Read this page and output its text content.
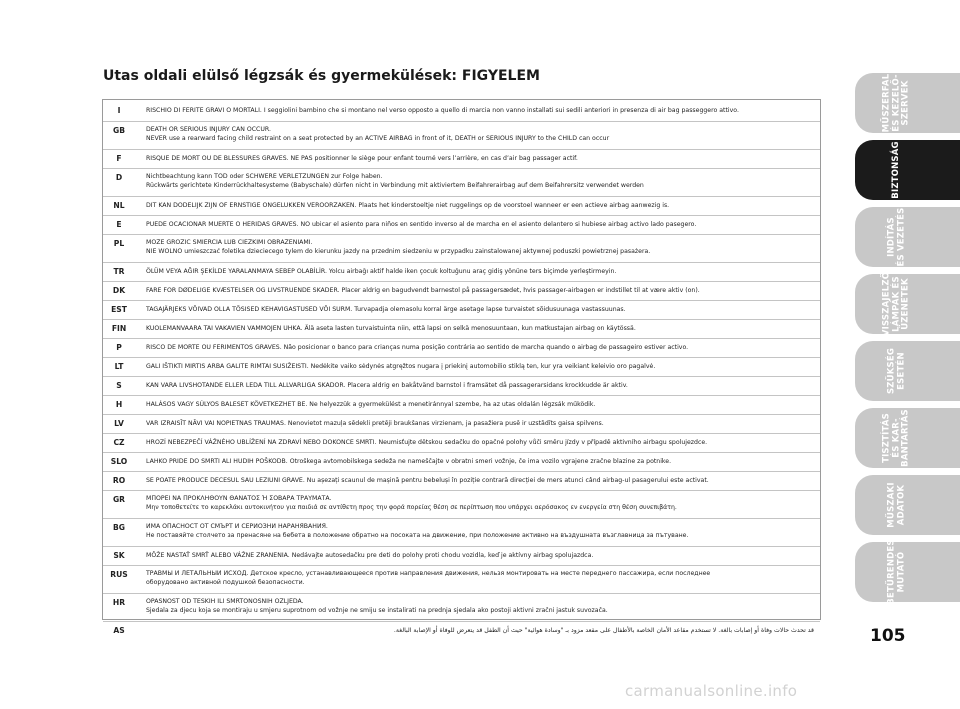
Utas oldali elülső légzsák és gyermekülések: FIGYELEM
I	RISCHIO DI FERITE GRAVI O MORTALI. I seggiolini bambino che si montano nel verso opposto a quello di marcia non vanno installati sui sedili anteriori in presenza di air bag passeggero attivo.
GB	DEATH OR SERIOUS INJURY CAN OCCUR.
NEVER use a rearward facing child restraint on a seat protected by an ACTIVE AIRBAG in front of it, DEATH or SERIOUS INJURY to the CHILD can occur
F	RISQUE DE MORT OU DE BLESSURES GRAVES. NE PAS positionner le siège pour enfant tourné vers l’arrière, en cas d’air bag passager actif.
D	Nichtbeachtung kann TOD oder SCHWERE VERLETZUNGEN zur Folge haben.
Rückwärts gerichtete Kinderrückhaltesysteme (Babyschale) dürfen nicht in Verbindung mit aktiviertem Beifahrerairbag auf dem Beifahrersitz verwendet werden
NL	DIT KAN DODELIJK ZIJN OF ERNSTIGE ONGELUKKEN VEROORZAKEN. Plaats het kinderstoeltje niet ruggelings op de voorstoel wanneer er een actieve airbag aanwezig is.
E	PUEDE OCACIONAR MUERTE O HERIDAS GRAVES. NO ubicar el asiento para niños en sentido inverso al de marcha en el asiento delantero si hubiese airbag activo lado pasegero.
PL	MOŻE GROZIĆ ŚMIERCIA LUB CIEŻKIMI OBRAŻENIAMI.
NIE WOLNO umieszczać foletika dzieciecego tylem do kierunku jazdy na przednim siedzeniu w przypadku zainstalowanej aktywnej poduszki powietrznej pasażera.
TR	ÖLÜM VEYA AĞIR ŞEKİLDE YARALANMAYA SEBEP OLABİLİR. Yolcu airbağı aktif halde iken çocuk koltuğunu araç gidiş yönüne ters biçimde yerleştirmeyin.
DK	FARE FOR DØDELIGE KVÆSTELSER OG LIVSTRUENDE SKADER. Placer aldrig en bagudvendt barnestol på passagersædet, hvis passager-airbagen er indstillet til at være aktiv (on).
EST	TAGAJÄRJEKS VÕIVAD OLLA TÕSISED KEHAVIGASTUSED VÕI SURM. Turvapadja olemasolu korral ärge asetage lapse turvaistet sõidusuunaga vastassuunas.
FIN	KUOLEMANVAARA TAI VAKAVIEN VAMMOJEN UHKA. Älä aseta lasten turvaistuinta niin, että lapsi on selkä menosuuntaan, kun matkustajan airbag on käytössä.
P	RISCO DE MORTE OU FERIMENTOS GRAVES. Não posicionar o banco para crianças numa posição contrária ao sentido de marcha quando o airbag de passageiro estiver activo.
LT	GALI IŠTIKTI MIRTIS ARBA GALITE RIMTAI SUSIŽEISTI. Nedėkite vaiko sėdynės atgręžtos nugara į priekinį automobilio stiklą ten, kur yra veikiant keleivio oro pagalvė.
S	KAN VARA LIVSHOTANDE ELLER LEDA TILL ALLVARLIGA SKADOR. Placera aldrig en bakåtvänd barnstol i framsätet då passagerarsidans krockkudde är aktiv.
H	HALÁSOS VAGY SÚLYOS BALESET KÖVETKEZHET BE. Ne helyezzük a gyermekülést a menetiránnyal szembe, ha az utas oldalán légzsák működik.
LV	VAR IZRAISĪT NĀVI VAI NOPIETNAS TRAUMAS. Nenovietot mazuļa sēdekli pretēji braukšanas virzienam, ja pasažiera pusē ir uzstādīts gaisa spilvens.
CZ	HROZÍ NEBEZPEČÍ VÁŽNÉHO UBLÍŽENÍ NA ZDRAVÍ NEBO DOKONCE SMRTI. Neumisťujte dětskou sedačku do opačné polohy vůči směru jízdy v případě aktivního airbagu spolujezdce.
SLO	LAHKO PRIDE DO SMRTI ALI HUDIH POŠKODB. Otroškega avtomobilskega sedeža ne nameščajte v obratni smeri vožnje, če ima vozilo vgrajene zračne blazine za potnike.
RO	SE POATE PRODUCE DECESUL SAU LEZIUNI GRAVE. Nu așezați scaunul de mașină pentru bebeluși în poziție contrară direcției de mers atunci când airbag-ul pasagerului este activat.
GR	ΜΠΟΡΕΙ ΝΑ ΠΡΟΚΛΗΘΟΥΝ ΘΑΝΑΤΟΣ Ή ΣΟΒΑΡΑ ΤΡΑΥΜΑΤΑ.
Μην τοποθετείτε το καρεκλάκι αυτοκινήτου για παιδιά σε αντίθετη προς την φορά πορείας θέση σε περίπτωση που υπάρχει αερόσακος εν ενεργεία στη θέση συνεπιβάτη.
BG	ИМА ОПАСНОСТ ОТ СМЪРТ И СЕРИОЗНИ НАРАНЯВАНИЯ.
Не поставяйте столчето за пренасяне на бебета в положение обратно на посоката на движение, при положение активно на въздушната възглавница за пътуване.
SK	MÔŽE NASTAŤ SMRŤ ALEBO VÁŽNE ZRANENIA. Nedávajte autosedačku pre deti do polohy proti chodu vozidla, keď je aktívny airbag spolujazdca.
RUS	ТРАВМЫ И ЛЕТАЛЬНЫЙ ИСХОД. Детское кресло, устанавливающееся против направления движения, нельзя монтировать на месте переднего пассажира, если последнее
оборудовано активной подушкой безопасности.
HR	OPASNOST OD TEŠKIH ILI SMRTONOSNIH OZLJEDA.
Sjedala za djecu koja se montiraju u smjeru suprotnom od vožnje ne smiju se instalirati na prednja sjedala ako postoji aktivni zračni jastuk suvozača.
AS	قد تحدث حالات وفاة أو إصابات بالغة. لا تستخدم مقاعد الأمان الخاصة بالأطفال على مقعد مزود بـ "وسادة هوائية" حيث أن الطفل قد يتعرض للوفاة أو الإصابة البالغة.
MŰSZERFAL
ÉS KEZELŐ-
SZERVEK
BIZTONSÁG
INDÍTÁS
ÉS VEZETÉS
VISSZAJELZŐ
LÁMPÁK ÉS
ÜZENETEK
SZÜKSÉG
ESETÉN
TISZTÍTÁS
ÉS KAR-
BANTARTÁS
MŰSZAKI
ADATOK
BETŰRENDES
MUTATÓ
105
carmanualsonline.info
